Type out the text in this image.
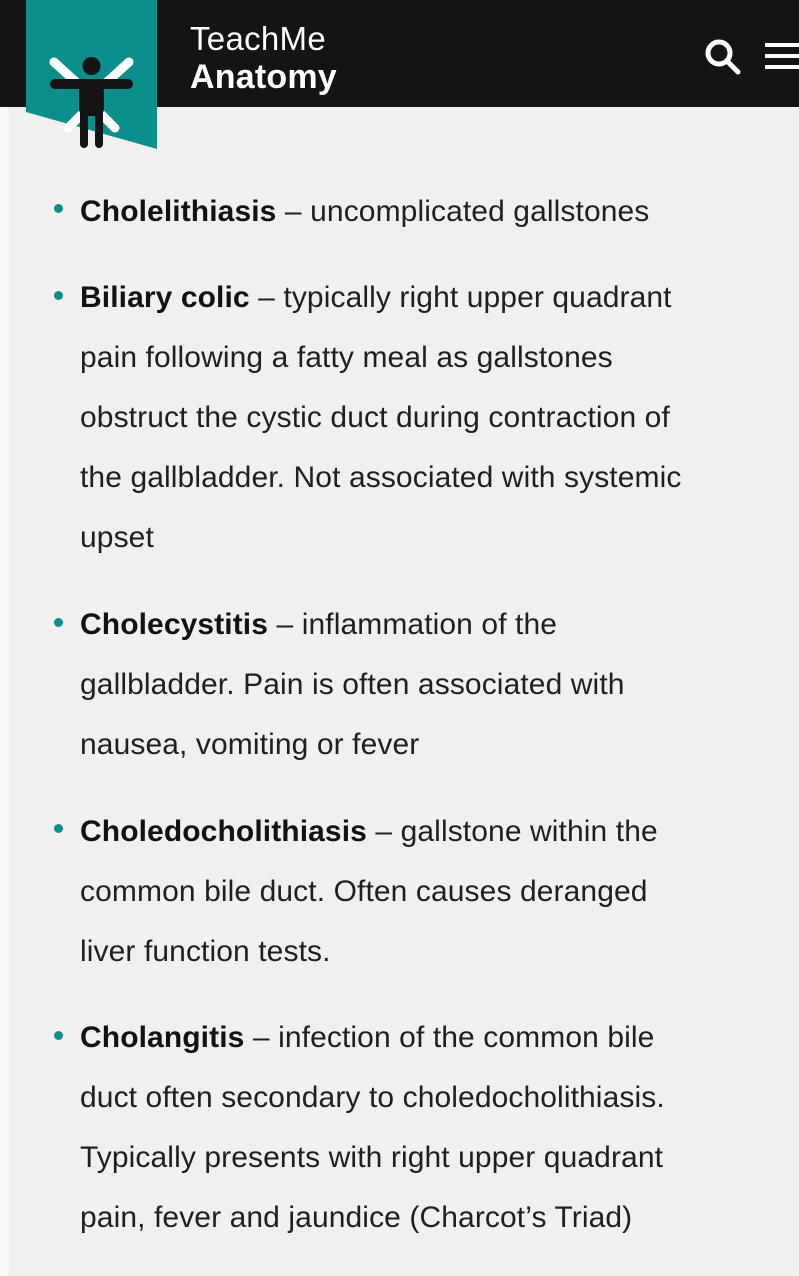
TeachMe
Anatomy
Cholelithiasis – uncomplicated gallstones
Biliary colic – typically right upper quadrant
pain following a fatty meal as gallstones
obstruct the cystic duct during contraction of
the gallbladder. Not associated with systemic
upset
Cholecystitis – inflammation of the
gallbladder. Pain is often associated with
nausea, vomiting or fever
Choledocholithiasis – gallstone within the
common bile duct. Often causes deranged
liver function tests.
Cholangitis – infection of the common bile
duct often secondary to choledocholithiasis.
Typically presents with right upper quadrant
pain, fever and jaundice (Charcot’s Triad)
